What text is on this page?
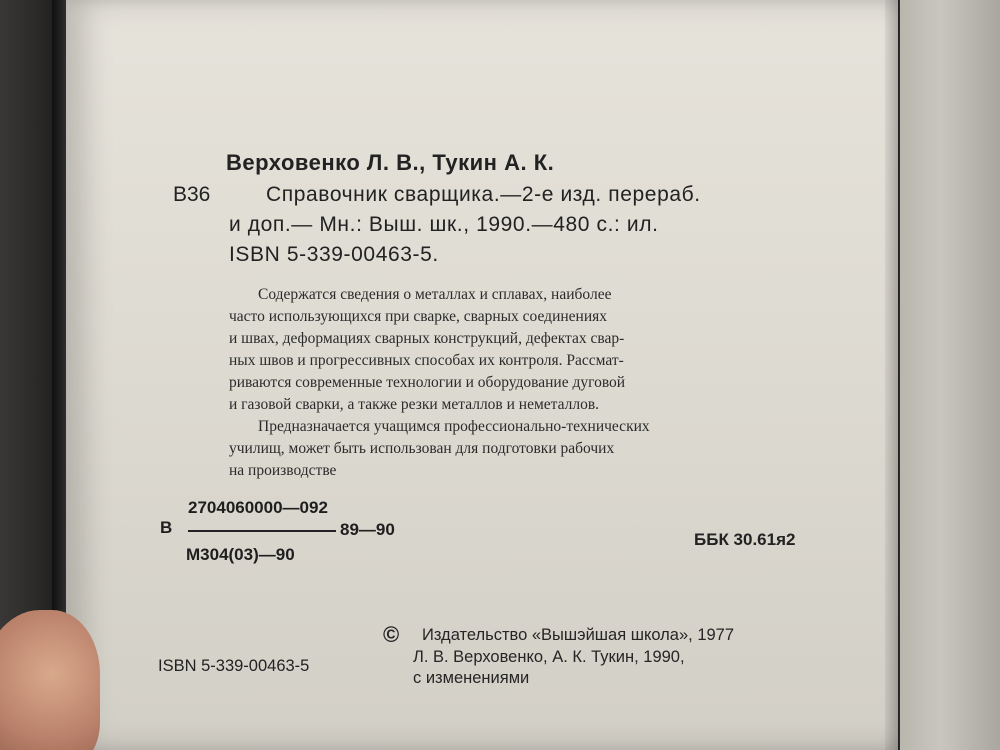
Верховенко Л. В., Тукин А. К.
В36	Справочник сварщика.—2-е изд. перераб.
и доп.— Мн.: Выш. шк., 1990.—480 с.: ил.
ISBN 5-339-00463-5.
Содержатся сведения о металлах и сплавах, наиболее
часто использующихся при сварке, сварных соединениях
и швах, деформациях сварных конструкций, дефектах свар-
ных швов и прогрессивных способах их контроля. Рассмат-
риваются современные технологии и оборудование дуговой
и газовой сварки, а также резки металлов и неметаллов.
Предназначается учащимся профессионально-технических
училищ, может быть использован для подготовки рабочих
на производстве
2704060000—092
В	89—90
М304(03)—90
ББК 30.61я2
© Издательство «Вышэйшая школа», 1977
Л. В. Верховенко, А. К. Тукин, 1990,
с изменениями
ISBN 5-339-00463-5
